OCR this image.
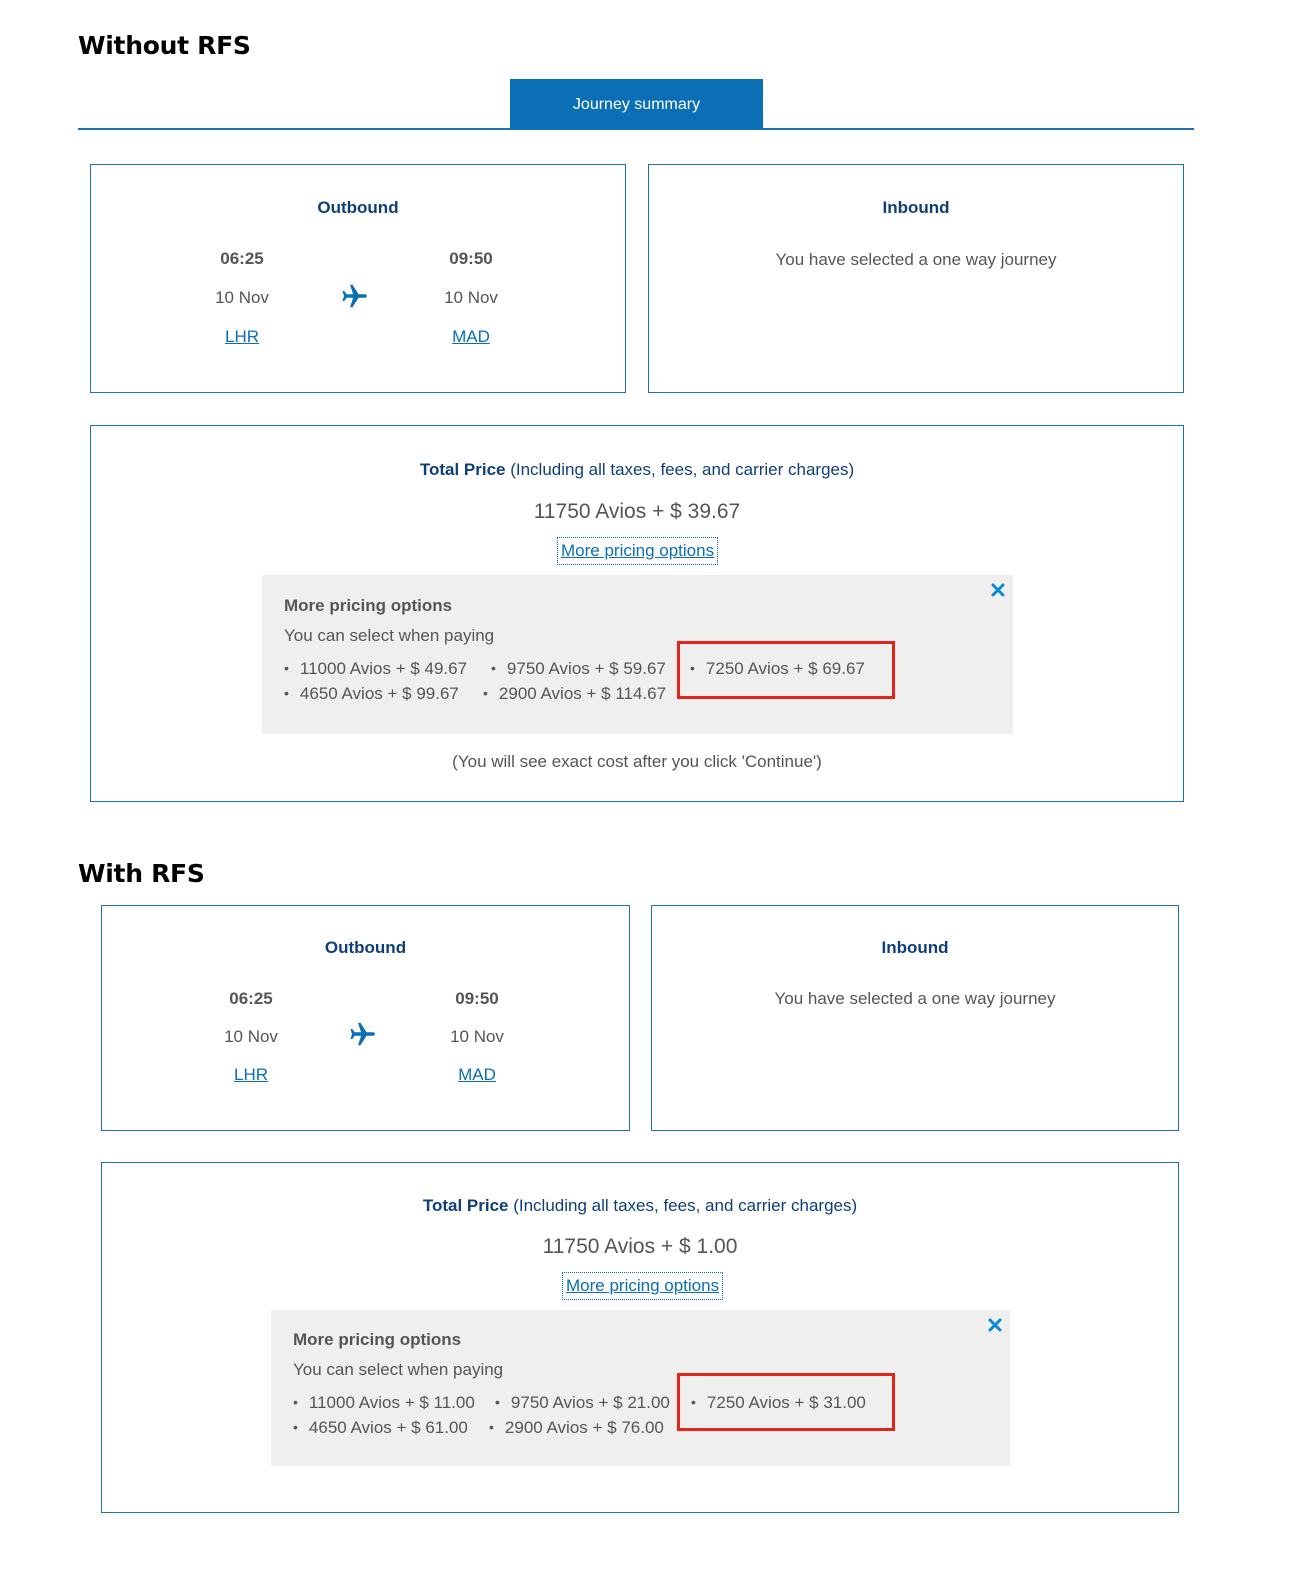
Without RFS
Journey summary
Outbound
06:25
10 Nov
LHR
09:50
10 Nov
MAD
Inbound
You have selected a one way journey
Total Price (Including all taxes, fees, and carrier charges)
11750 Avios + $ 39.67
More pricing options
More pricing options
You can select when paying
• 11000 Avios + $ 49.67	• 9750 Avios + $ 59.67	• 7250 Avios + $ 69.67
• 4650 Avios + $ 99.67	• 2900 Avios + $ 114.67
(You will see exact cost after you click 'Continue')
With RFS
Outbound
06:25
10 Nov
LHR
09:50
10 Nov
MAD
Inbound
You have selected a one way journey
Total Price (Including all taxes, fees, and carrier charges)
11750 Avios + $ 1.00
More pricing options
More pricing options
You can select when paying
• 11000 Avios + $ 11.00	• 9750 Avios + $ 21.00	• 7250 Avios + $ 31.00
• 4650 Avios + $ 61.00	• 2900 Avios + $ 76.00
